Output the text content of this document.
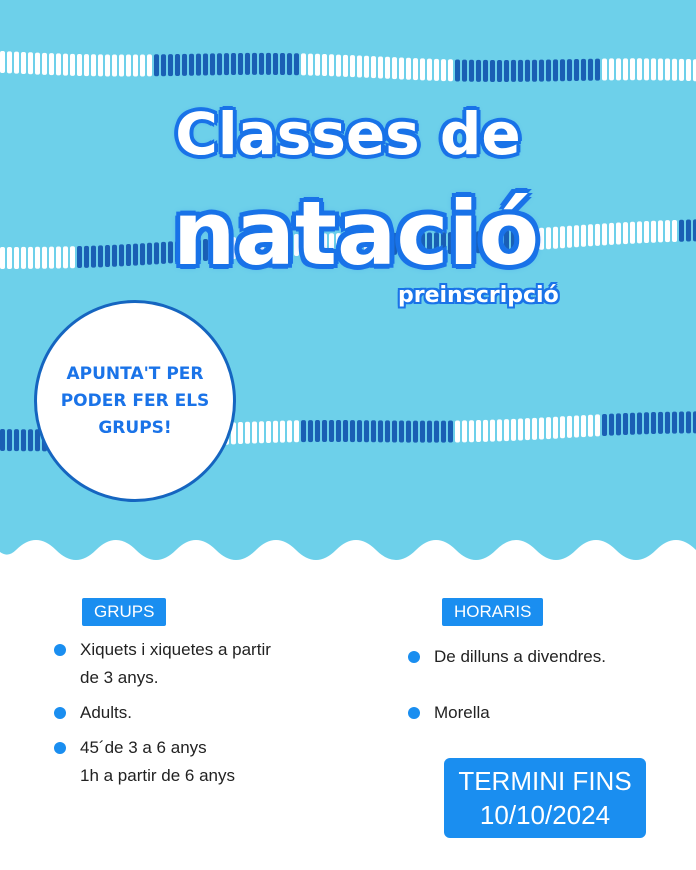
Classes de
natació
preinscripció
APUNTA'T PER
PODER FER ELS
GRUPS!
GRUPS
Xiquets i xiquetes a partir
de 3 anys.
Adults.
45´de 3 a 6 anys
1h a partir de 6 anys
HORARIS
De dilluns a divendres.
Morella
TERMINI FINS
10/10/2024
